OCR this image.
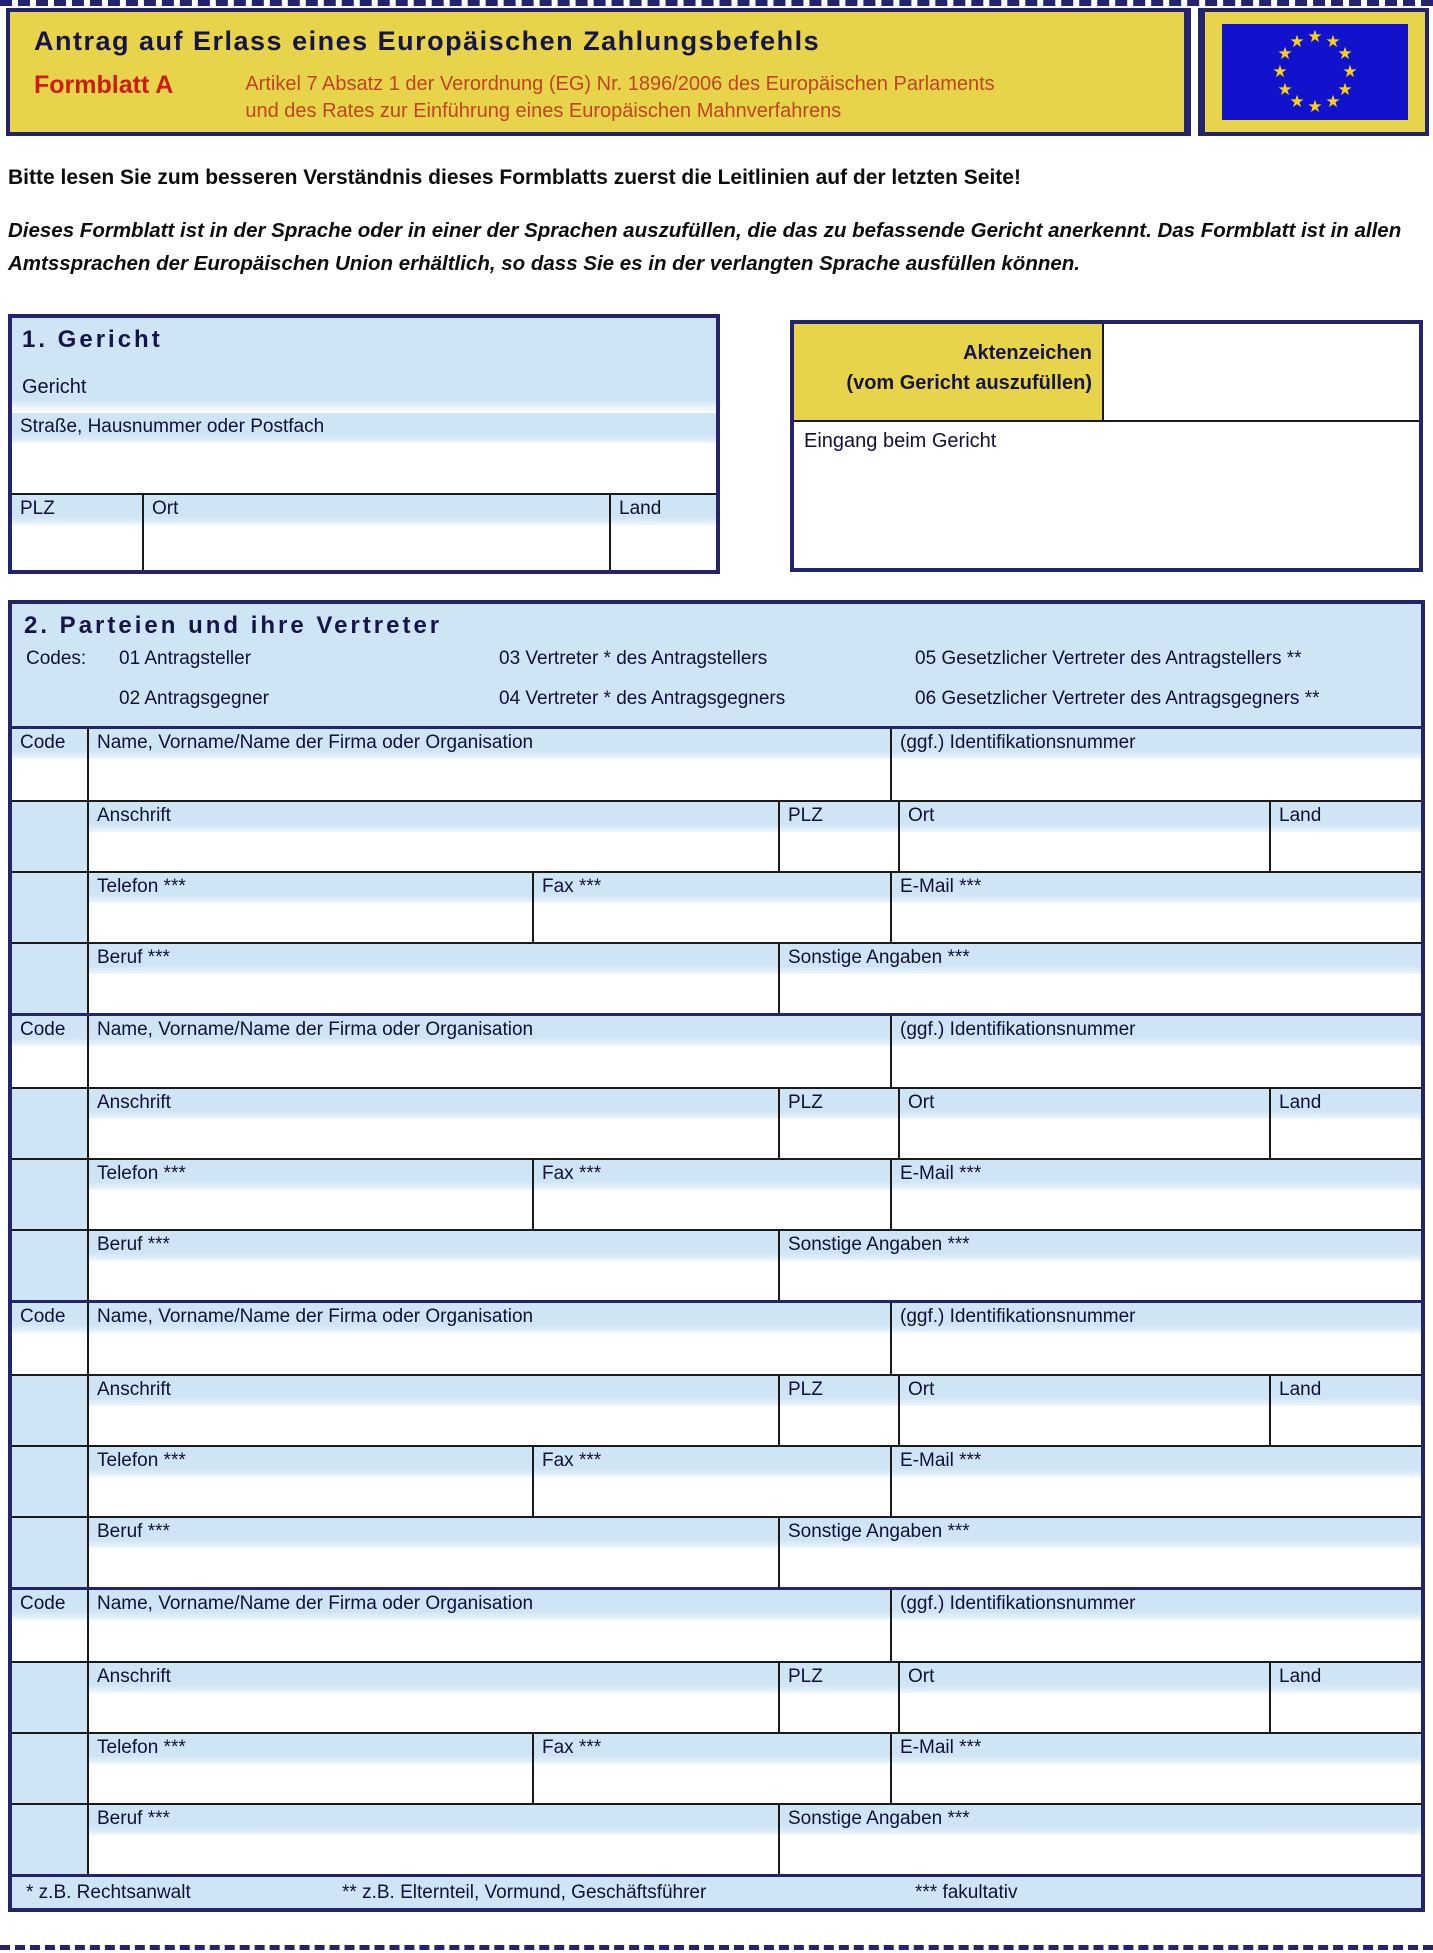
Antrag auf Erlass eines Europäischen Zahlungsbefehls
Formblatt A	Artikel 7 Absatz 1 der Verordnung (EG) Nr. 1896/2006 des Europäischen Parlaments
und des Rates zur Einführung eines Europäischen Mahnverfahrens
★ ★
★
★
★
★
★
★
★
★
★
★
Bitte lesen Sie zum besseren Verständnis dieses Formblatts zuerst die Leitlinien auf der letzten Seite!
Dieses Formblatt ist in der Sprache oder in einer der Sprachen auszufüllen, die das zu befassende Gericht anerkennt. Das Formblatt ist in allen Amtssprachen der Europäischen Union erhältlich, so dass Sie es in der verlangten Sprache ausfüllen können.
1. Gericht
Gericht
Straße, Hausnummer oder Postfach
PLZ	Ort	Land
Aktenzeichen
(vom Gericht auszufüllen)
Eingang beim Gericht
2. Parteien und ihre Vertreter
Codes: 01 Antragsteller
02 Antragsgegner
03 Vertreter * des Antragstellers
04 Vertreter * des Antragsgegners
05 Gesetzlicher Vertreter des Antragstellers **
06 Gesetzlicher Vertreter des Antragsgegners **
Code	Name, Vorname/Name der Firma oder Organisation	(ggf.) Identifikationsnummer
Anschrift	PLZ	Ort	Land
Telefon ***	Fax ***	E-Mail ***
Beruf ***	Sonstige Angaben ***
Code	Name, Vorname/Name der Firma oder Organisation	(ggf.) Identifikationsnummer
Anschrift	PLZ	Ort	Land
Telefon ***	Fax ***	E-Mail ***
Beruf ***	Sonstige Angaben ***
Code	Name, Vorname/Name der Firma oder Organisation	(ggf.) Identifikationsnummer
Anschrift	PLZ	Ort	Land
Telefon ***	Fax ***	E-Mail ***
Beruf ***	Sonstige Angaben ***
Code	Name, Vorname/Name der Firma oder Organisation	(ggf.) Identifikationsnummer
Anschrift	PLZ	Ort	Land
Telefon ***	Fax ***	E-Mail ***
Beruf ***	Sonstige Angaben ***
* z.B. Rechtsanwalt	** z.B. Elternteil, Vormund, Geschäftsführer	*** fakultativ
